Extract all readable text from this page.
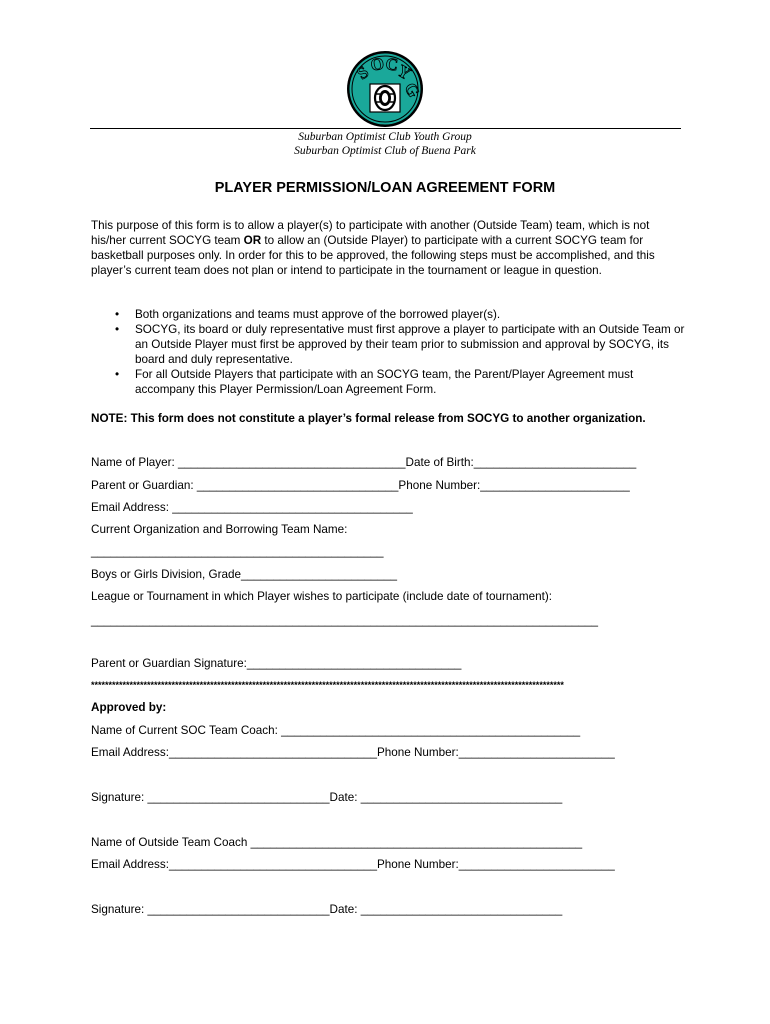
S
O
C
Y
G
Suburban Optimist Club Youth Group
Suburban Optimist Club of Buena Park
PLAYER PERMISSION/LOAN AGREEMENT FORM
This purpose of this form is to allow a player(s) to participate with another (Outside Team) team, which is not his/her current SOCYG team OR to allow an (Outside Player) to participate with a current SOCYG team for basketball purposes only. In order for this to be approved, the following steps must be accomplished, and this player’s current team does not plan or intend to participate in the tournament or league in question.
• Both organizations and teams must approve of the borrowed player(s).
• SOCYG, its board or duly representative must first approve a player to participate with an Outside Team or an Outside Player must first be approved by their team prior to submission and approval by SOCYG, its board and duly representative.
• For all Outside Players that participate with an SOCYG team, the Parent/Player Agreement must accompany this Player Permission/Loan Agreement Form.
NOTE: This form does not constitute a player’s formal release from SOCYG to another organization.
Name of Player: ___________________________________Date of Birth:_________________________
Parent or Guardian: _______________________________Phone Number:_______________________
Email Address: _____________________________________
Current Organization and Borrowing Team Name:
_____________________________________________
Boys or Girls Division, Grade________________________
League or Tournament in which Player wishes to participate (include date of tournament):
______________________________________________________________________________
Parent or Guardian Signature:_________________________________
***************************************************************************************************************************************
Approved by:
Name of Current SOC Team Coach: ______________________________________________
Email Address:________________________________Phone Number:________________________
Signature: ____________________________Date: _______________________________
Name of Outside Team Coach ___________________________________________________
Email Address:________________________________Phone Number:________________________
Signature: ____________________________Date: _______________________________
